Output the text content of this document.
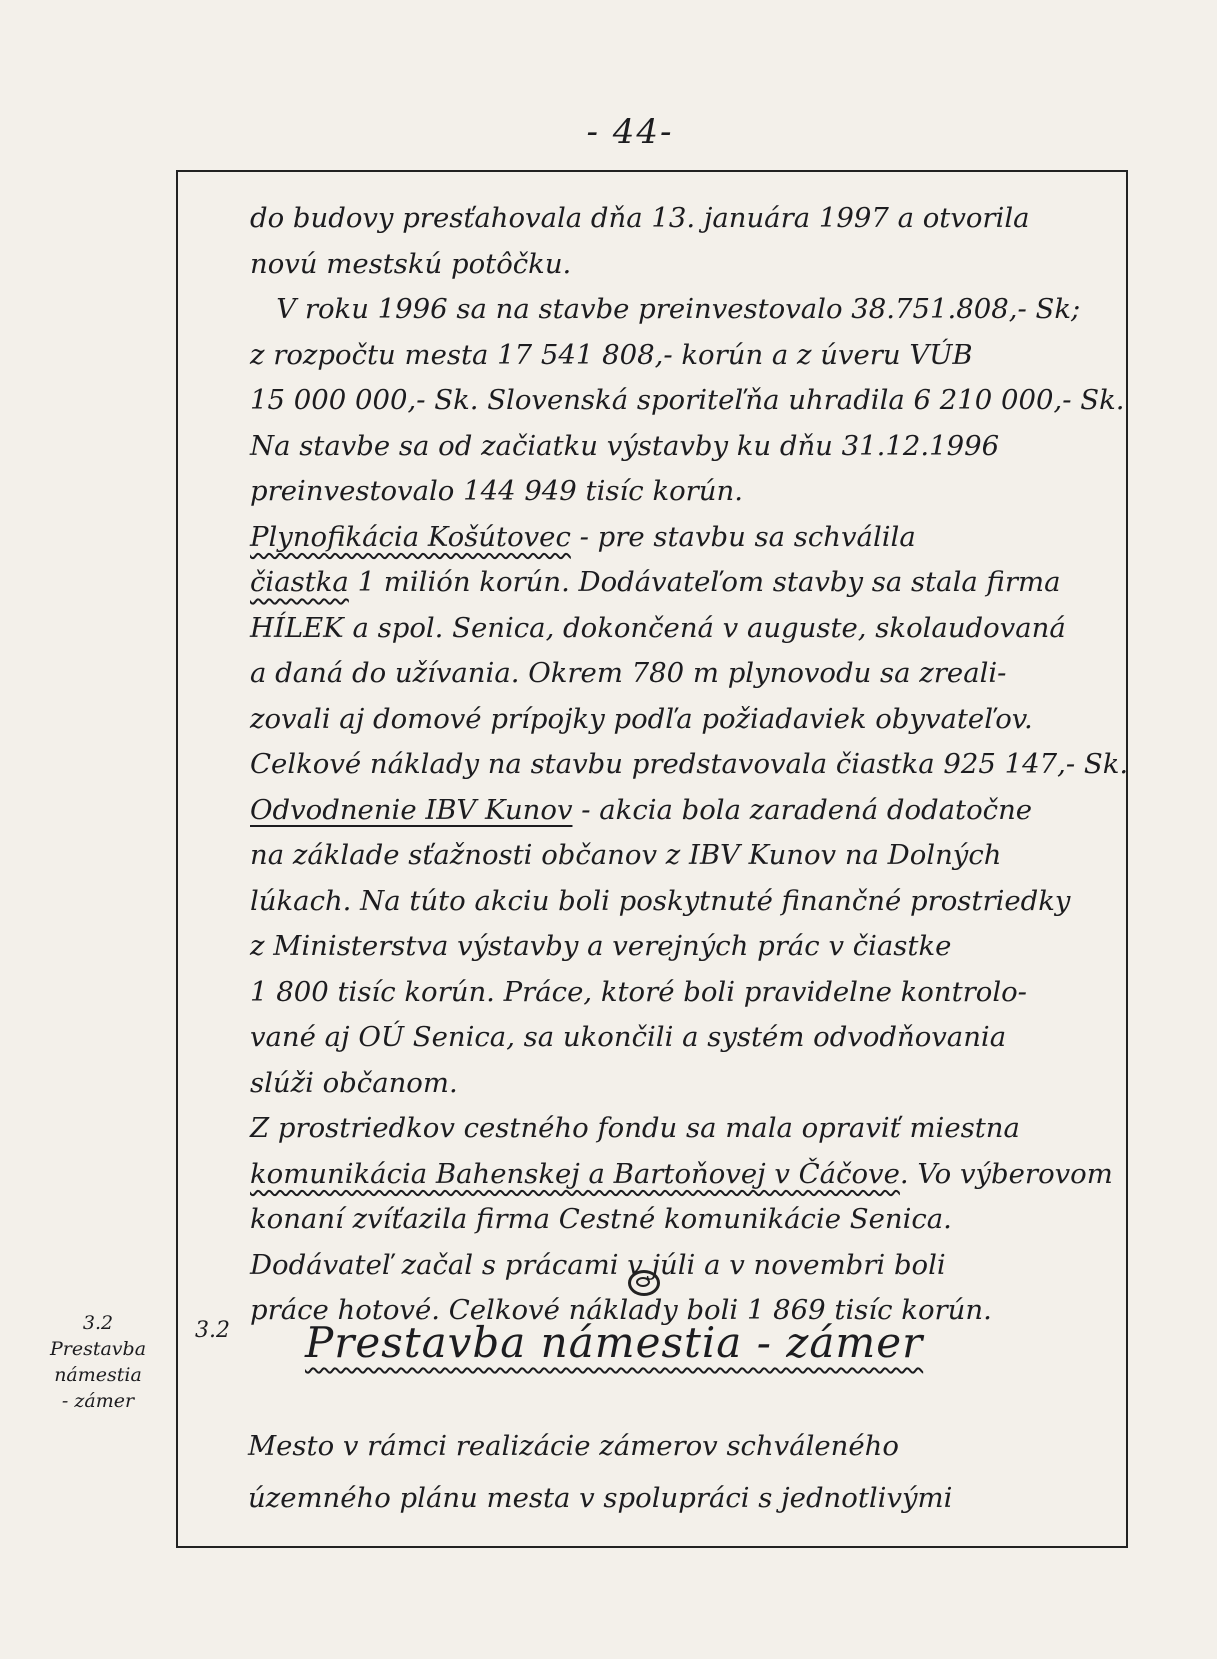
- 44-
do budovy presťahovala dňa 13. januára 1997 a otvorila
novú mestskú potôčku.
V roku 1996 sa na stavbe preinvestovalo 38.751.808,- Sk;
z rozpočtu mesta 17 541 808,- korún a z úveru VÚB
15 000 000,- Sk. Slovenská sporiteľňa uhradila 6 210 000,- Sk.
Na stavbe sa od začiatku výstavby ku dňu 31.12.1996
preinvestovalo 144 949 tisíc korún.
Plynofikácia Košútovec - pre stavbu sa schválila
čiastka 1 milión korún. Dodávateľom stavby sa stala firma
HÍLEK a spol. Senica, dokončená v auguste, skolaudovaná
a daná do užívania. Okrem 780 m plynovodu sa zreali-
zovali aj domové prípojky podľa požiadaviek obyvateľov.
Celkové náklady na stavbu predstavovala čiastka 925 147,- Sk.
Odvodnenie IBV Kunov - akcia bola zaradená dodatočne
na základe sťažnosti občanov z IBV Kunov na Dolných
lúkach. Na túto akciu boli poskytnuté finančné prostriedky
z Ministerstva výstavby a verejných prác v čiastke
1 800 tisíc korún. Práce, ktoré boli pravidelne kontrolo-
vané aj OÚ Senica, sa ukončili a systém odvodňovania
slúži občanom.
Z prostriedkov cestného fondu sa mala opraviť miestna
komunikácia Bahenskej a Bartoňovej v Čáčove. Vo výberovom
konaní zvíťazila firma Cestné komunikácie Senica.
Dodávateľ začal s prácami v júli a v novembri boli
práce hotové. Celkové náklady boli 1 869 tisíc korún.
3.2
Prestavba
námestia
- zámer
3.2 Prestavba námestia - zámer
Mesto v rámci realizácie zámerov schváleného
územného plánu mesta v spolupráci s jednotlivými
